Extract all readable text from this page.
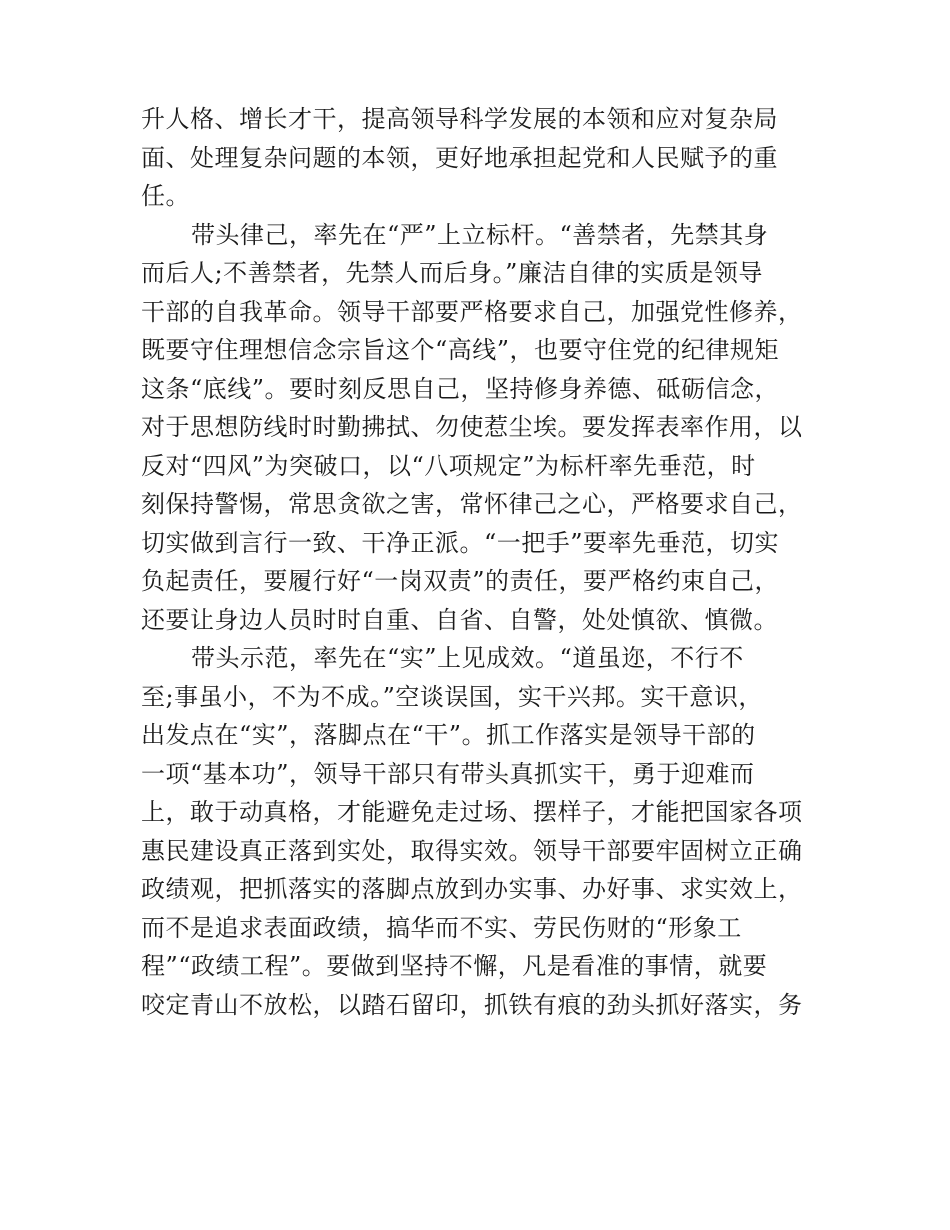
升人格、增长才干，提高领导科学发展的本领和应对复杂局
面、处理复杂问题的本领，更好地承担起党和人民赋予的重
任。
带头律己，率先在“严”上立标杆。“善禁者，先禁其身
而后人;不善禁者，先禁人而后身。”廉洁自律的实质是领导
干部的自我革命。领导干部要严格要求自己，加强党性修养，
既要守住理想信念宗旨这个“高线”，也要守住党的纪律规矩
这条“底线”。要时刻反思自己，坚持修身养德、砥砺信念，
对于思想防线时时勤拂拭、勿使惹尘埃。要发挥表率作用，以
反对“四风”为突破口，以“八项规定”为标杆率先垂范，时
刻保持警惕，常思贪欲之害，常怀律己之心，严格要求自己，
切实做到言行一致、干净正派。“一把手”要率先垂范，切实
负起责任，要履行好“一岗双责”的责任，要严格约束自己，
还要让身边人员时时自重、自省、自警，处处慎欲、慎微。
带头示范，率先在“实”上见成效。“道虽迩，不行不
至;事虽小，不为不成。”空谈误国，实干兴邦。实干意识，
出发点在“实”，落脚点在“干”。抓工作落实是领导干部的
一项“基本功”，领导干部只有带头真抓实干，勇于迎难而
上，敢于动真格，才能避免走过场、摆样子，才能把国家各项
惠民建设真正落到实处，取得实效。领导干部要牢固树立正确
政绩观，把抓落实的落脚点放到办实事、办好事、求实效上，
而不是追求表面政绩，搞华而不实、劳民伤财的“形象工
程”“政绩工程”。要做到坚持不懈，凡是看准的事情，就要
咬定青山不放松，以踏石留印，抓铁有痕的劲头抓好落实，务
